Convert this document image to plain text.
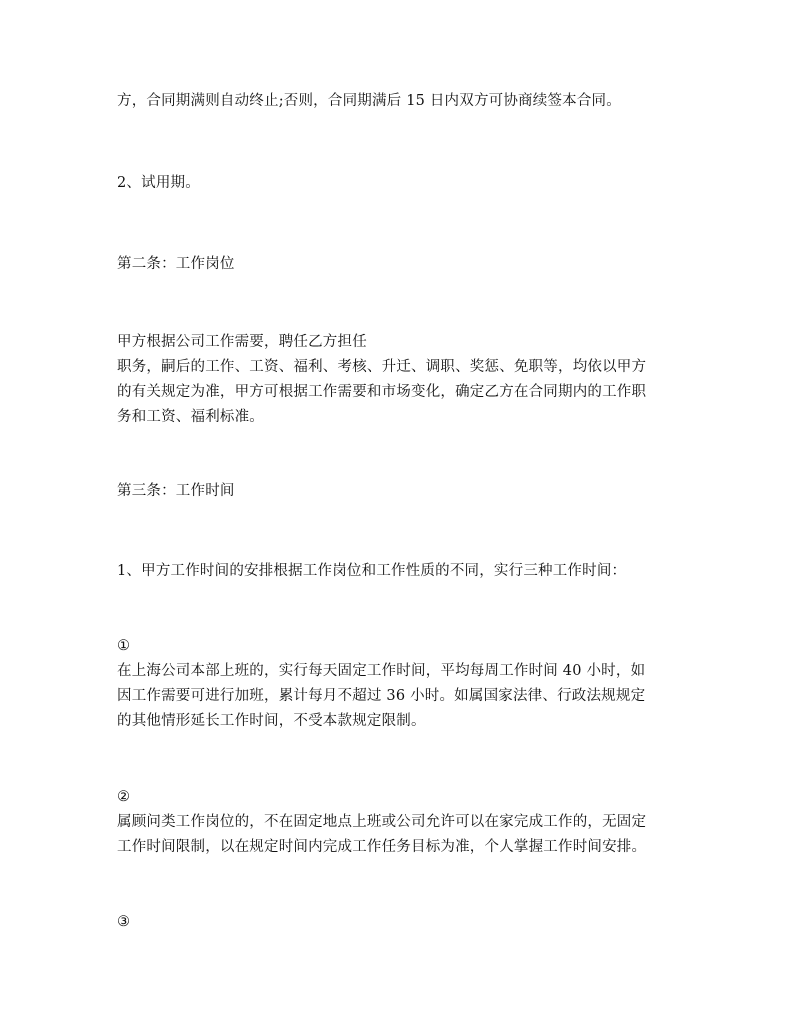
方，合同期满则自动终止;否则，合同期满后 15 日内双方可协商续签本合同。

2、试用期。

第二条：工作岗位

甲方根据公司工作需要，聘任乙方担任
职务，嗣后的工作、工资、福利、考核、升迁、调职、奖惩、免职等，均依以甲方
的有关规定为准，甲方可根据工作需要和市场变化，确定乙方在合同期内的工作职
务和工资、福利标准。

第三条：工作时间

1、甲方工作时间的安排根据工作岗位和工作性质的不同，实行三种工作时间：

①
在上海公司本部上班的，实行每天固定工作时间，平均每周工作时间 40 小时，如
因工作需要可进行加班，累计每月不超过 36 小时。如属国家法律、行政法规规定
的其他情形延长工作时间，不受本款规定限制。
②
属顾问类工作岗位的，不在固定地点上班或公司允许可以在家完成工作的，无固定
工作时间限制，以在规定时间内完成工作任务目标为准，个人掌握工作时间安排。
③
